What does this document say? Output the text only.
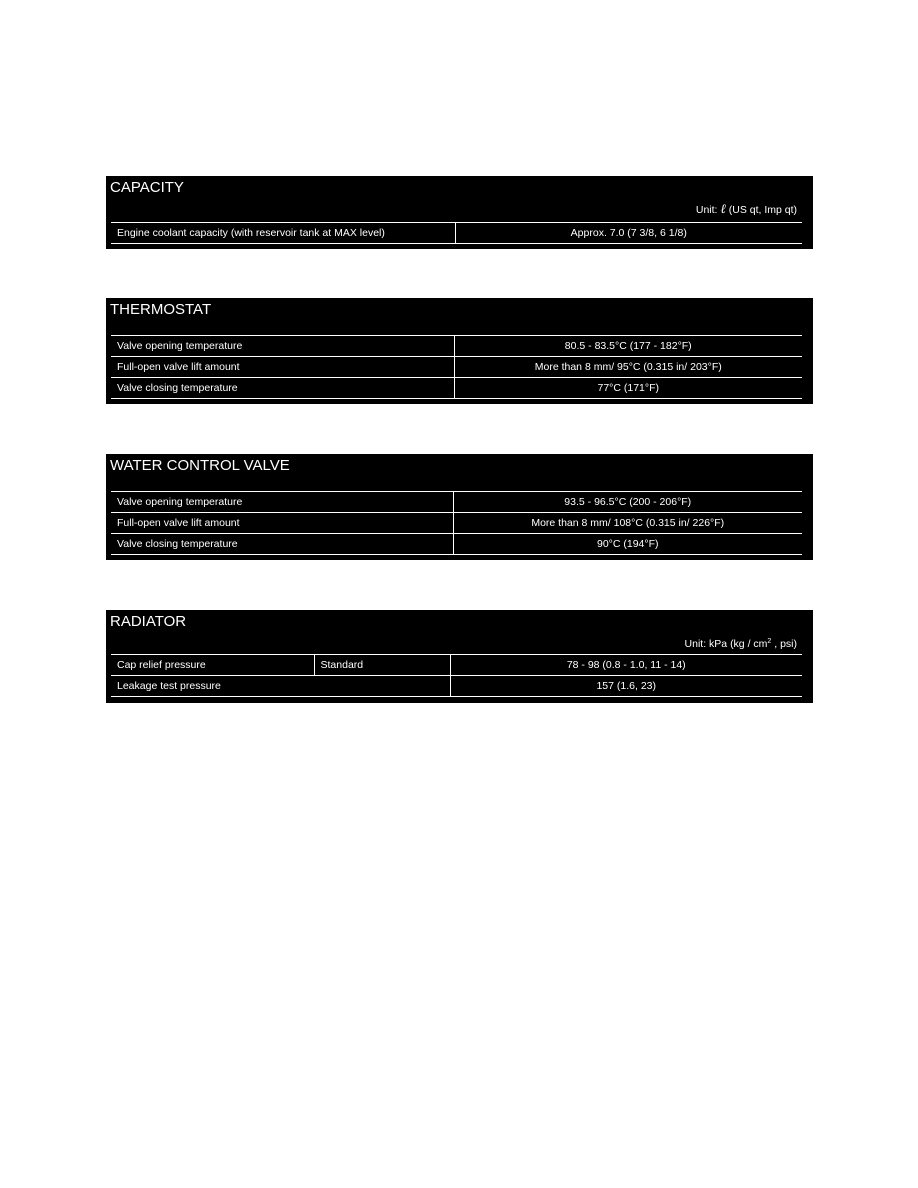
CAPACITY
Unit: ℓ (US qt, Imp qt)
Engine coolant capacity (with reservoir tank at MAX level)	Approx. 7.0 (7 3/8, 6 1/8)
THERMOSTAT
Valve opening temperature	80.5 - 83.5°C (177 - 182°F)
Full-open valve lift amount	More than 8 mm/ 95°C (0.315 in/ 203°F)
Valve closing temperature	77°C (171°F)
WATER CONTROL VALVE
Valve opening temperature	93.5 - 96.5°C (200 - 206°F)
Full-open valve lift amount	More than 8 mm/ 108°C (0.315 in/ 226°F)
Valve closing temperature	90°C (194°F)
RADIATOR
Unit: kPa ($kg / cm^2$ , psi)
Cap relief pressure	Standard	78 - 98 (0.8 - 1.0, 11 - 14)
Leakage test pressure		157 (1.6, 23)
